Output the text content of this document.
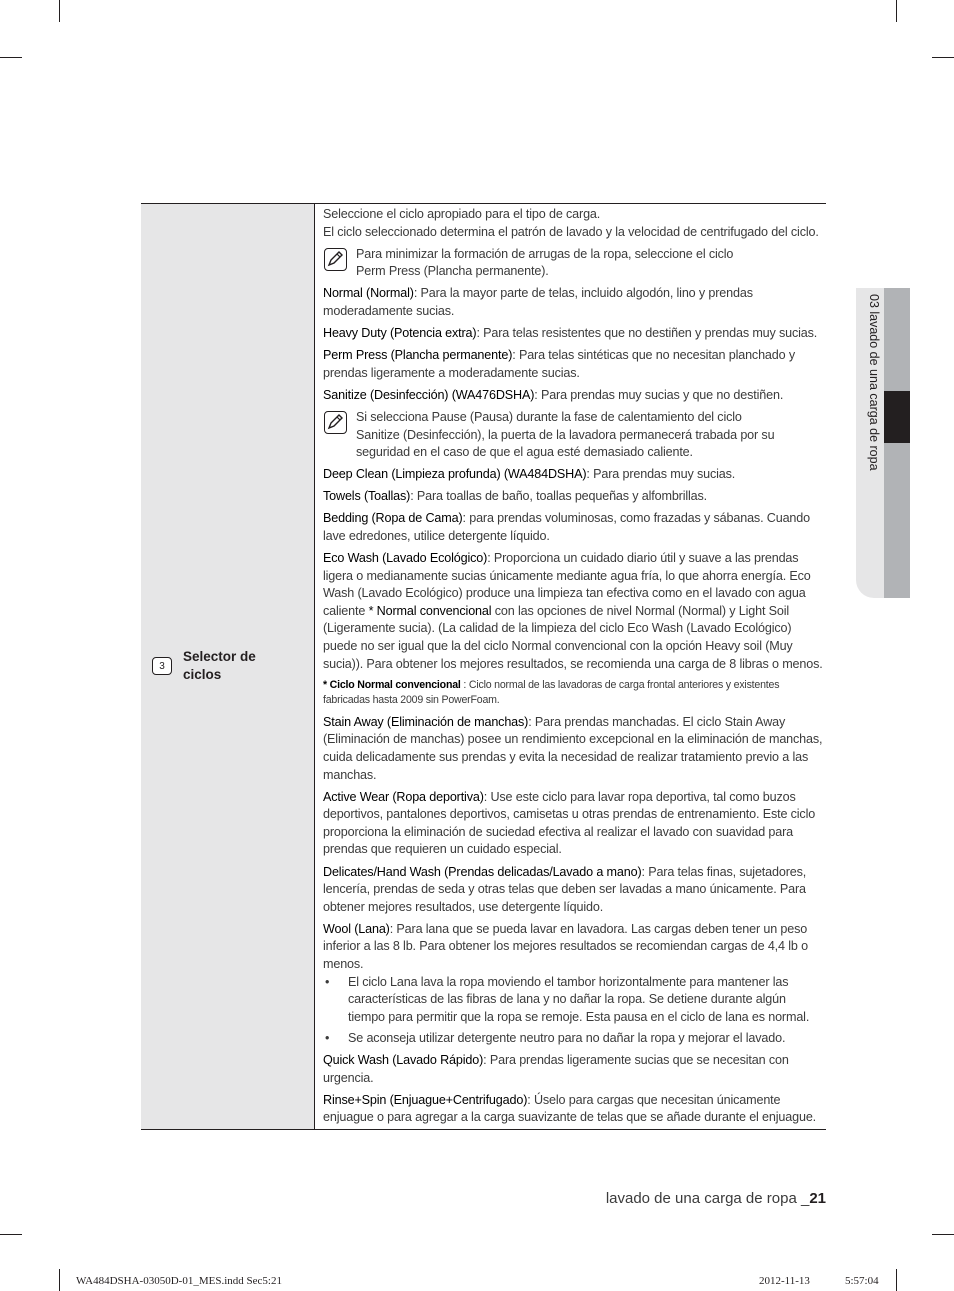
03 lavado de una carga de ropa
3
Selector de ciclos

Seleccione el ciclo apropiado para el tipo de carga.

El ciclo seleccionado determina el patrón de lavado y la velocidad de centrifugado del ciclo.

Para minimizar la formación de arrugas de la ropa, seleccione el ciclo Perm Press (Plancha permanente).

Normal (Normal): Para la mayor parte de telas, incluido algodón, lino y prendas moderadamente sucias.

Heavy Duty (Potencia extra): Para telas resistentes que no destiñen y prendas muy sucias.

Perm Press (Plancha permanente): Para telas sintéticas que no necesitan planchado y prendas ligeramente a moderadamente sucias.

Sanitize (Desinfección) (WA476DSHA): Para prendas muy sucias y que no destiñen.

Si selecciona Pause (Pausa) durante la fase de calentamiento del ciclo Sanitize (Desinfección), la puerta de la lavadora permanecerá trabada por su seguridad en el caso de que el agua esté demasiado caliente.

Deep Clean (Limpieza profunda) (WA484DSHA): Para prendas muy sucias.

Towels (Toallas): Para toallas de baño, toallas pequeñas y alfombrillas.

Bedding (Ropa de Cama): para prendas voluminosas, como frazadas y sábanas. Cuando lave edredones, utilice detergente líquido.

Eco Wash (Lavado Ecológico): Proporciona un cuidado diario útil y suave a las prendas ligera o medianamente sucias únicamente mediante agua fría, lo que ahorra energía. Eco Wash (Lavado Ecológico) produce una limpieza tan efectiva como en el lavado con agua caliente * Normal convencional con las opciones de nivel Normal (Normal) y Light Soil (Ligeramente sucia). (La calidad de la limpieza del ciclo Eco Wash (Lavado Ecológico) puede no ser igual que la del ciclo Normal convencional con la opción Heavy soil (Muy sucia)). Para obtener los mejores resultados, se recomienda una carga de 8 libras o menos.

* Ciclo Normal convencional : Ciclo normal de las lavadoras de carga frontal anteriores y existentes fabricadas hasta 2009 sin PowerFoam.

Stain Away (Eliminación de manchas): Para prendas manchadas. El ciclo Stain Away (Eliminación de manchas) posee un rendimiento excepcional en la eliminación de manchas, cuida delicadamente sus prendas y evita la necesidad de realizar tratamiento previo a las manchas.

Active Wear (Ropa deportiva): Use este ciclo para lavar ropa deportiva, tal como buzos deportivos, pantalones deportivos, camisetas u otras prendas de entrenamiento. Este ciclo proporciona la eliminación de suciedad efectiva al realizar el lavado con suavidad para prendas que requieren un cuidado especial.

Delicates/Hand Wash (Prendas delicadas/Lavado a mano): Para telas finas, sujetadores, lencería, prendas de seda y otras telas que deben ser lavadas a mano únicamente. Para obtener mejores resultados, use detergente líquido.

Wool (Lana): Para lana que se pueda lavar en lavadora. Las cargas deben tener un peso inferior a las 8 lb. Para obtener los mejores resultados se recomiendan cargas de 4,4 lb o menos.

•	El ciclo Lana lava la ropa moviendo el tambor horizontalmente para mantener las características de las fibras de lana y no dañar la ropa. Se detiene durante algún tiempo para permitir que la ropa se remoje. Esta pausa en el ciclo de lana es normal.
•	Se aconseja utilizar detergente neutro para no dañar la ropa y mejorar el lavado.

Quick Wash (Lavado Rápido): Para prendas ligeramente sucias que se necesitan con urgencia.

Rinse+Spin (Enjuague+Centrifugado): Úselo para cargas que necesitan únicamente enjuague o para agregar a la carga suavizante de telas que se añade durante el enjuague.

lavado de una carga de ropa _21
WA484DSHA-03050D-01_MES.indd Sec5:21	2012-11-13	5:57:04
